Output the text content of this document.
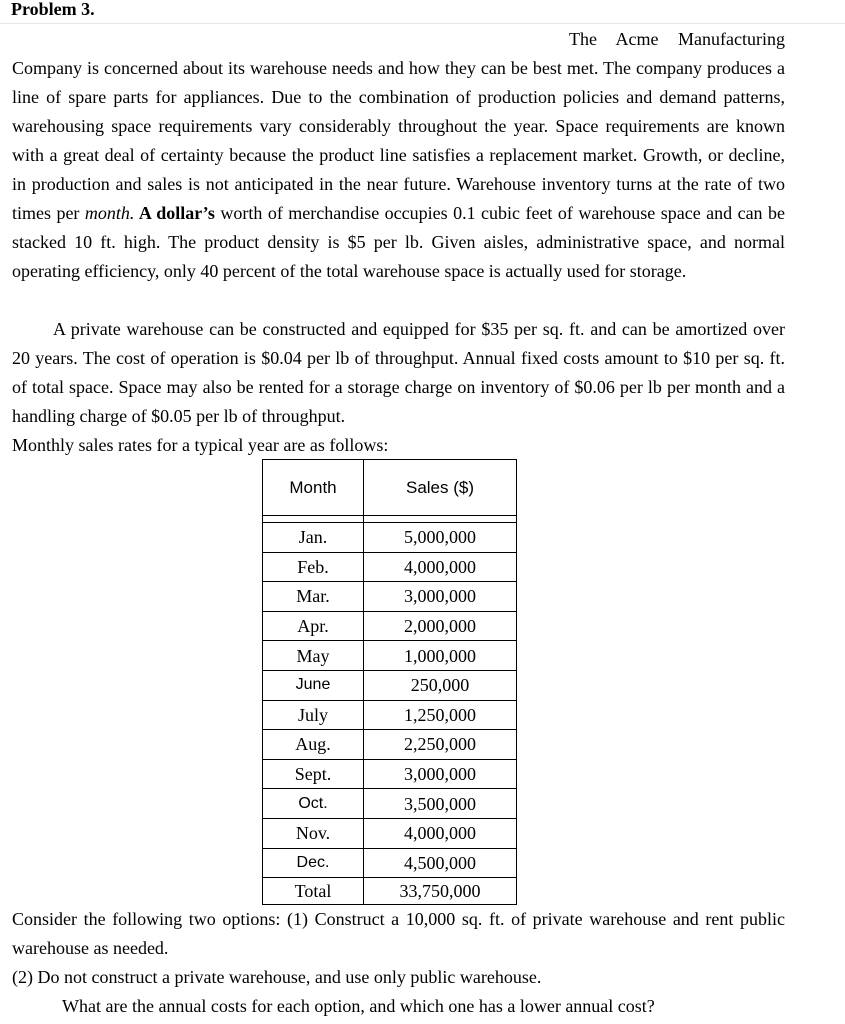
Problem 3.

The Acme Manufacturing Company is concerned about its warehouse needs and how they can be best met. The company produces a line of spare parts for appliances. Due to the combination of production policies and demand patterns, warehousing space requirements vary considerably throughout the year. Space requirements are known with a great deal of certainty because the product line satisfies a replacement market. Growth, or decline, in production and sales is not anticipated in the near future. Warehouse inventory turns at the rate of two times per month. A dollar’s worth of merchandise occupies 0.1 cubic feet of warehouse space and can be stacked 10 ft. high. The product density is $5 per lb. Given aisles, administrative space, and normal operating efficiency, only 40 percent of the total warehouse space is actually used for storage.

A private warehouse can be constructed and equipped for $35 per sq. ft. and can be amortized over 20 years. The cost of operation is $0.04 per lb of throughput. Annual fixed costs amount to $10 per sq. ft. of total space. Space may also be rented for a storage charge on inventory of $0.06 per lb per month and a handling charge of $0.05 per lb of throughput.

Monthly sales rates for a typical year are as follows:

Month	Sales ($)

Jan.	5,000,000
Feb.	4,000,000
Mar.	3,000,000
Apr.	2,000,000
May	1,000,000
June	250,000
July	1,250,000
Aug.	2,250,000
Sept.	3,000,000
Oct.	3,500,000
Nov.	4,000,000
Dec.	4,500,000
Total	33,750,000

Consider the following two options: (1) Construct a 10,000 sq. ft. of private warehouse and rent public warehouse as needed.

(2) Do not construct a private warehouse, and use only public warehouse.

What are the annual costs for each option, and which one has a lower annual cost?
